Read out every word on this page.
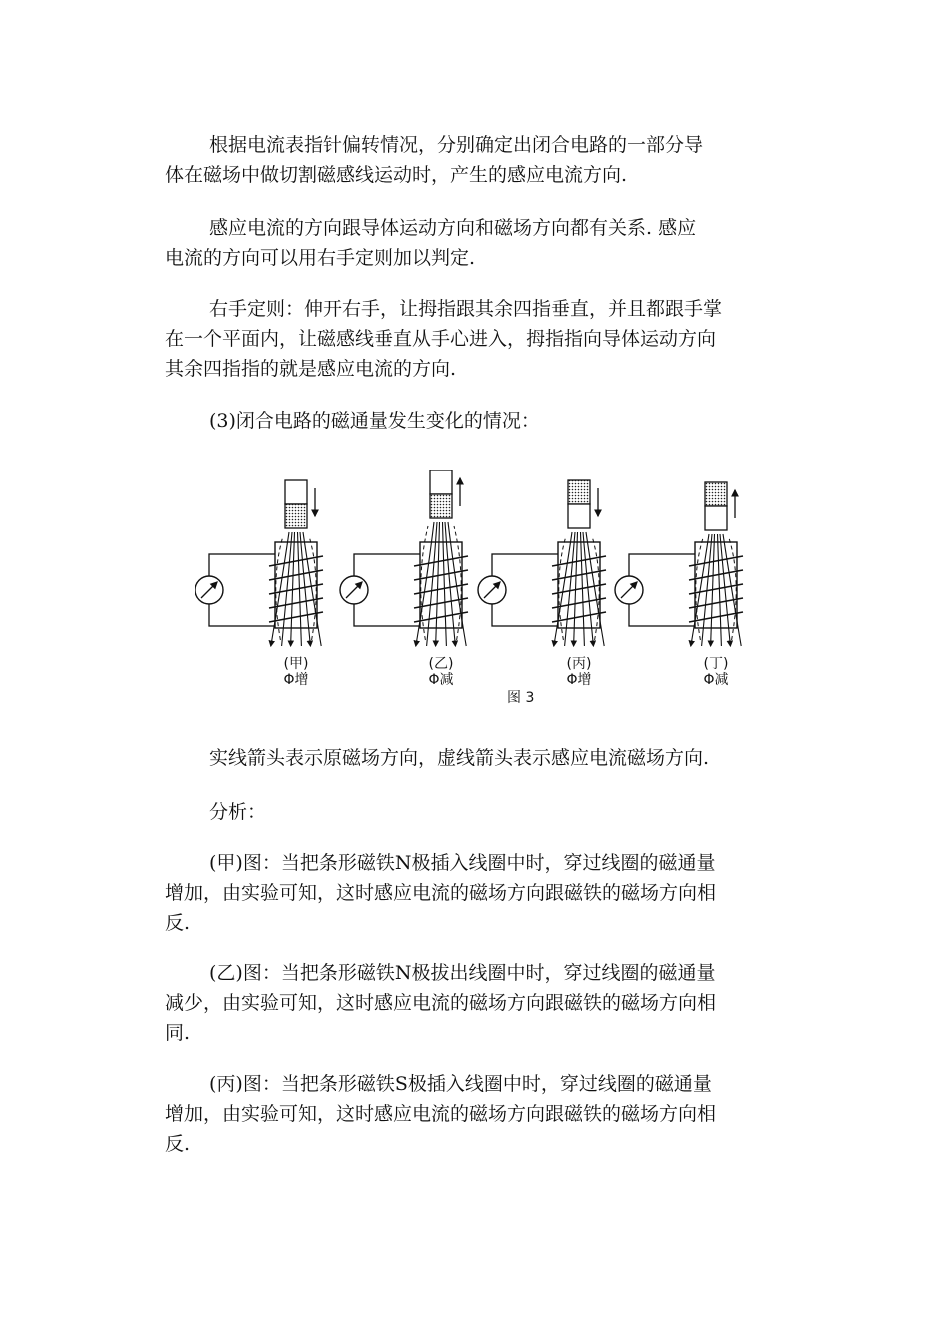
根据电流表指针偏转情况，分别确定出闭合电路的一部分导
体在磁场中做切割磁感线运动时，产生的感应电流方向.
感应电流的方向跟导体运动方向和磁场方向都有关系. 感应
电流的方向可以用右手定则加以判定.
右手定则：伸开右手，让拇指跟其余四指垂直，并且都跟手掌
在一个平面内，让磁感线垂直从手心进入，拇指指向导体运动方向
其余四指指的就是感应电流的方向.
(3)闭合电路的磁通量发生变化的情况：
(甲)
Φ增
(乙)
Φ减
(丙)
Φ增
(丁)
Φ减
图 3
实线箭头表示原磁场方向，虚线箭头表示感应电流磁场方向.
分析：
(甲)图：当把条形磁铁N极插入线圈中时，穿过线圈的磁通量
增加，由实验可知，这时感应电流的磁场方向跟磁铁的磁场方向相
反.
(乙)图：当把条形磁铁N极拔出线圈中时，穿过线圈的磁通量
减少，由实验可知，这时感应电流的磁场方向跟磁铁的磁场方向相
同.
(丙)图：当把条形磁铁S极插入线圈中时，穿过线圈的磁通量
增加，由实验可知，这时感应电流的磁场方向跟磁铁的磁场方向相
反.
